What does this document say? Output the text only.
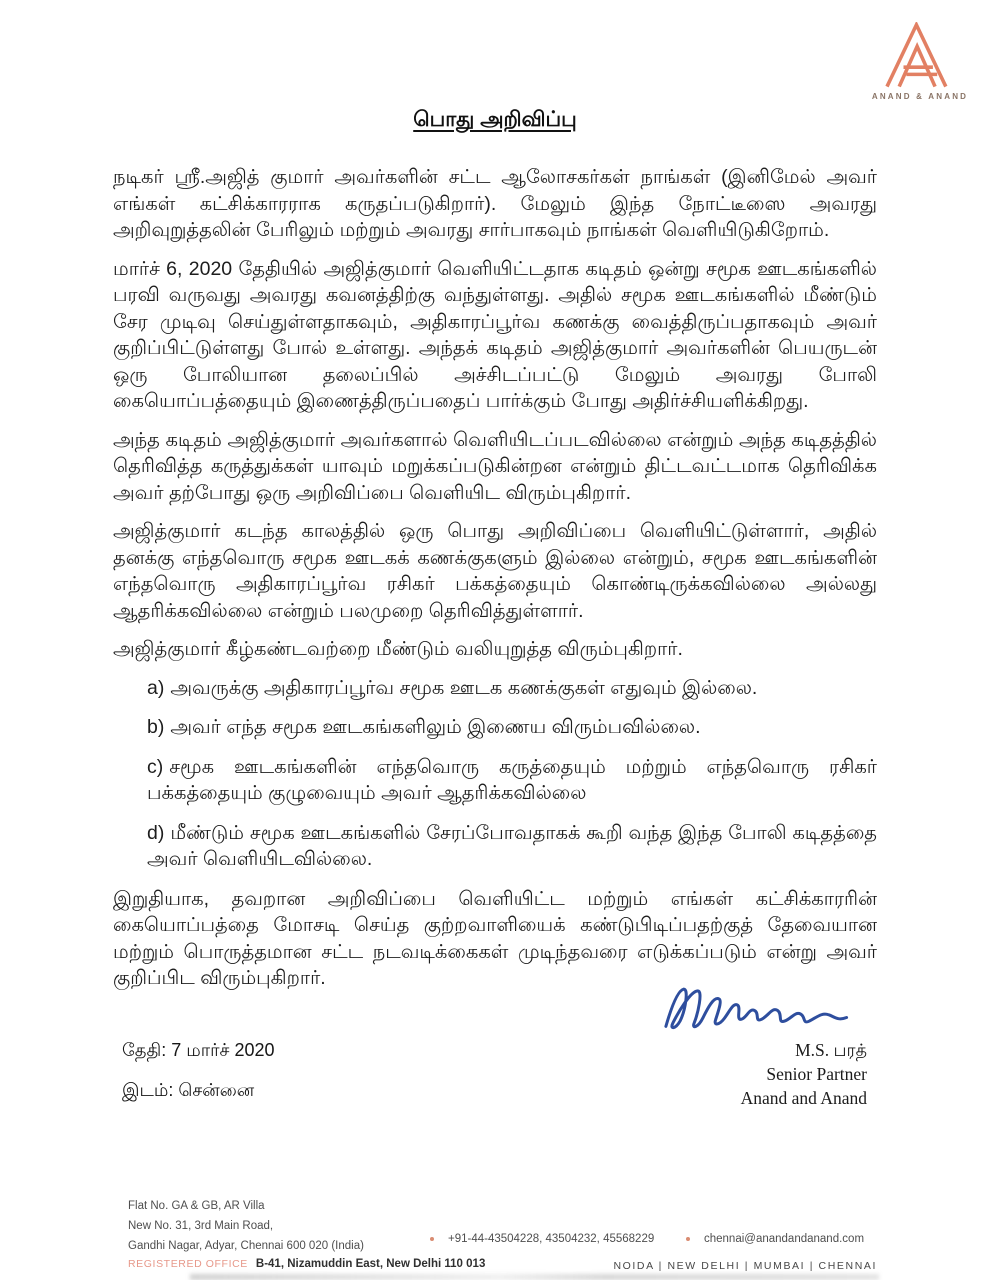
ANAND & ANAND
பொது அறிவிப்பு

நடிகர் ஸ்ரீ.அஜித் குமார் அவர்களின் சட்ட ஆலோசகர்கள் நாங்கள் (இனிமேல் அவர் எங்கள் கட்சிக்காரராக கருதப்படுகிறார்). மேலும் இந்த நோட்டீஸை அவரது அறிவுறுத்தலின் பேரிலும் மற்றும் அவரது சார்பாகவும் நாங்கள் வெளியிடுகிறோம்.

மார்ச் 6, 2020 தேதியில் அஜித்குமார் வெளியிட்டதாக கடிதம் ஒன்று சமூக ஊடகங்களில் பரவி வருவது அவரது கவனத்திற்கு வந்துள்ளது. அதில் சமூக ஊடகங்களில் மீண்டும் சேர முடிவு செய்துள்ளதாகவும், அதிகாரப்பூர்வ கணக்கு வைத்திருப்பதாகவும் அவர் குறிப்பிட்டுள்ளது போல் உள்ளது. அந்தக் கடிதம் அஜித்குமார் அவர்களின் பெயருடன் ஒரு போலியான தலைப்பில் அச்சிடப்பட்டு மேலும் அவரது போலி கையொப்பத்தையும் இணைத்திருப்பதைப் பார்க்கும் போது அதிர்ச்சியளிக்கிறது.

அந்த கடிதம் அஜித்குமார் அவர்களால் வெளியிடப்படவில்லை என்றும் அந்த கடிதத்தில் தெரிவித்த கருத்துக்கள் யாவும் மறுக்கப்படுகின்றன என்றும் திட்டவட்டமாக தெரிவிக்க அவர் தற்போது ஒரு அறிவிப்பை வெளியிட விரும்புகிறார்.

அஜித்குமார் கடந்த காலத்தில் ஒரு பொது அறிவிப்பை வெளியிட்டுள்ளார், அதில் தனக்கு எந்தவொரு சமூக ஊடகக் கணக்குகளும் இல்லை என்றும், சமூக ஊடகங்களின் எந்தவொரு அதிகாரப்பூர்வ ரசிகர் பக்கத்தையும் கொண்டிருக்கவில்லை அல்லது ஆதரிக்கவில்லை என்றும் பலமுறை தெரிவித்துள்ளார்.

அஜித்குமார் கீழ்கண்டவற்றை மீண்டும் வலியுறுத்த விரும்புகிறார்.

a) அவருக்கு அதிகாரப்பூர்வ சமூக ஊடக கணக்குகள் எதுவும் இல்லை.
b) அவர் எந்த சமூக ஊடகங்களிலும் இணைய விரும்பவில்லை.
c) சமூக ஊடகங்களின் எந்தவொரு கருத்தையும் மற்றும் எந்தவொரு ரசிகர் பக்கத்தையும் குழுவையும் அவர் ஆதரிக்கவில்லை
d) மீண்டும் சமூக ஊடகங்களில் சேரப்போவதாகக் கூறி வந்த இந்த போலி கடிதத்தை அவர் வெளியிடவில்லை.

இறுதியாக, தவறான அறிவிப்பை வெளியிட்ட மற்றும் எங்கள் கட்சிக்காரரின் கையொப்பத்தை மோசடி செய்த குற்றவாளியைக் கண்டுபிடிப்பதற்குத் தேவையான மற்றும் பொருத்தமான சட்ட நடவடிக்கைகள் முடிந்தவரை எடுக்கப்படும் என்று அவர் குறிப்பிட விரும்புகிறார்.

தேதி: 7 மார்ச் 2020
இடம்: சென்னை
M.S. பரத்
Senior Partner
Anand and Anand
Flat No. GA & GB, AR Villa
New No. 31, 3rd Main Road,
Gandhi Nagar, Adyar, Chennai 600 020 (India)
+91-44-43504228, 43504232, 45568229	chennai@anandandanand.com
REGISTERED OFFICE B-41, Nizamuddin East, New Delhi 110 013	NOIDA | NEW DELHI | MUMBAI | CHENNAI
